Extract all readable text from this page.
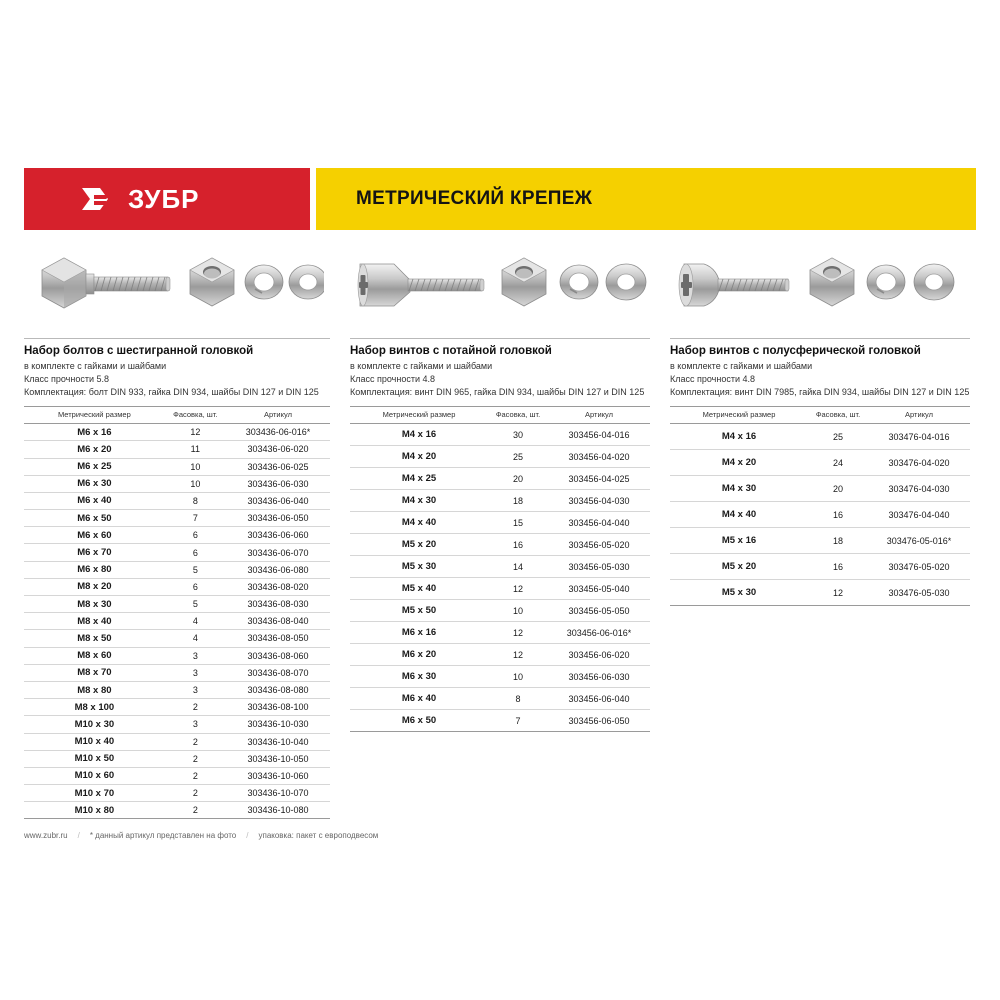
ЗУБР	МЕТРИЧЕСКИЙ КРЕПЕЖ
Набор болтов с шестигранной головкой
в комплекте с гайками и шайбами
Класс прочности 5.8
Комплектация: болт DIN 933, гайка DIN 934, шайбы DIN 127 и DIN 125
Метрический размер	Фасовка, шт.	Артикул
M6 x 16	12	303436-06-016*
M6 x 20	11	303436-06-020
M6 x 25	10	303436-06-025
M6 x 30	10	303436-06-030
M6 x 40	8	303436-06-040
M6 x 50	7	303436-06-050
M6 x 60	6	303436-06-060
M6 x 70	6	303436-06-070
M6 x 80	5	303436-06-080
M8 x 20	6	303436-08-020
M8 x 30	5	303436-08-030
M8 x 40	4	303436-08-040
M8 x 50	4	303436-08-050
M8 x 60	3	303436-08-060
M8 x 70	3	303436-08-070
M8 x 80	3	303436-08-080
M8 x 100	2	303436-08-100
M10 x 30	3	303436-10-030
M10 x 40	2	303436-10-040
M10 x 50	2	303436-10-050
M10 x 60	2	303436-10-060
M10 x 70	2	303436-10-070
M10 x 80	2	303436-10-080
Набор винтов с потайной головкой
в комплекте с гайками и шайбами
Класс прочности 4.8
Комплектация: винт DIN 965, гайка DIN 934, шайбы DIN 127 и DIN 125
Метрический размер	Фасовка, шт.	Артикул
M4 x 16	30	303456-04-016
M4 x 20	25	303456-04-020
M4 x 25	20	303456-04-025
M4 x 30	18	303456-04-030
M4 x 40	15	303456-04-040
M5 x 20	16	303456-05-020
M5 x 30	14	303456-05-030
M5 x 40	12	303456-05-040
M5 x 50	10	303456-05-050
M6 x 16	12	303456-06-016*
M6 x 20	12	303456-06-020
M6 x 30	10	303456-06-030
M6 x 40	8	303456-06-040
M6 x 50	7	303456-06-050
Набор винтов с полусферической головкой
в комплекте с гайками и шайбами
Класс прочности 4.8
Комплектация: винт DIN 7985, гайка DIN 934, шайбы DIN 127 и DIN 125
Метрический размер	Фасовка, шт.	Артикул
M4 x 16	25	303476-04-016
M4 x 20	24	303476-04-020
M4 x 30	20	303476-04-030
M4 x 40	16	303476-04-040
M5 x 16	18	303476-05-016*
M5 x 20	16	303476-05-020
M5 x 30	12	303476-05-030
www.zubr.ru / * данный артикул представлен на фото / упаковка: пакет с европодвесом
